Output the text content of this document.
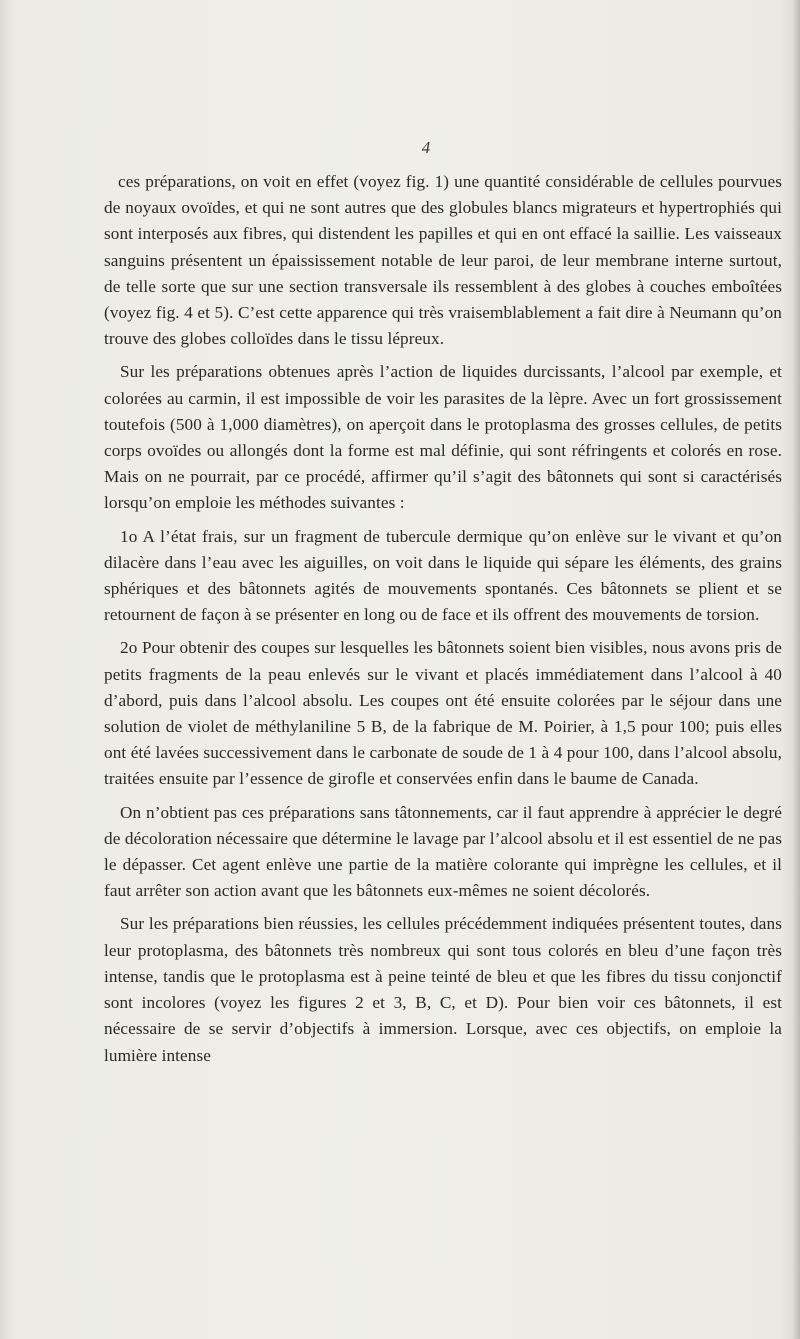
4

ces préparations, on voit en effet (voyez fig. 1) une quantité considérable de cellules pourvues de noyaux ovoïdes, et qui ne sont autres que des globules blancs migrateurs et hypertrophiés qui sont interposés aux fibres, qui distendent les papilles et qui en ont effacé la saillie. Les vaisseaux sanguins présentent un épaississement notable de leur paroi, de leur membrane interne surtout, de telle sorte que sur une section transversale ils ressemblent à des globes à couches emboîtées (voyez fig. 4 et 5). C’est cette apparence qui très vraisemblablement a fait dire à Neumann qu’on trouve des globes colloïdes dans le tissu lépreux.

Sur les préparations obtenues après l’action de liquides durcissants, l’alcool par exemple, et colorées au carmin, il est impossible de voir les parasites de la lèpre. Avec un fort grossissement toutefois (500 à 1,000 diamètres), on aperçoit dans le protoplasma des grosses cellules, de petits corps ovoïdes ou allongés dont la forme est mal définie, qui sont réfringents et colorés en rose. Mais on ne pourrait, par ce procédé, affirmer qu’il s’agit des bâtonnets qui sont si caractérisés lorsqu’on emploie les méthodes suivantes :

1o A l’état frais, sur un fragment de tubercule dermique qu’on enlève sur le vivant et qu’on dilacère dans l’eau avec les aiguilles, on voit dans le liquide qui sépare les éléments, des grains sphériques et des bâtonnets agités de mouvements spontanés. Ces bâtonnets se plient et se retournent de façon à se présenter en long ou de face et ils offrent des mouvements de torsion.

2o Pour obtenir des coupes sur lesquelles les bâtonnets soient bien visibles, nous avons pris de petits fragments de la peau enlevés sur le vivant et placés immédiatement dans l’alcool à 40 d’abord, puis dans l’alcool absolu. Les coupes ont été ensuite colorées par le séjour dans une solution de violet de méthylaniline 5 B, de la fabrique de M. Poirier, à 1,5 pour 100; puis elles ont été lavées successivement dans le carbonate de soude de 1 à 4 pour 100, dans l’alcool absolu, traitées ensuite par l’essence de girofle et conservées enfin dans le baume de Canada.

On n’obtient pas ces préparations sans tâtonnements, car il faut apprendre à apprécier le degré de décoloration nécessaire que détermine le lavage par l’alcool absolu et il est essentiel de ne pas le dépasser. Cet agent enlève une partie de la matière colorante qui imprègne les cellules, et il faut arrêter son action avant que les bâtonnets eux-mêmes ne soient décolorés.

Sur les préparations bien réussies, les cellules précédemment indiquées présentent toutes, dans leur protoplasma, des bâtonnets très nombreux qui sont tous colorés en bleu d’une façon très intense, tandis que le protoplasma est à peine teinté de bleu et que les fibres du tissu conjonctif sont incolores (voyez les figures 2 et 3, B, C, et D). Pour bien voir ces bâtonnets, il est nécessaire de se servir d’objectifs à immersion. Lorsque, avec ces objectifs, on emploie la lumière intense
